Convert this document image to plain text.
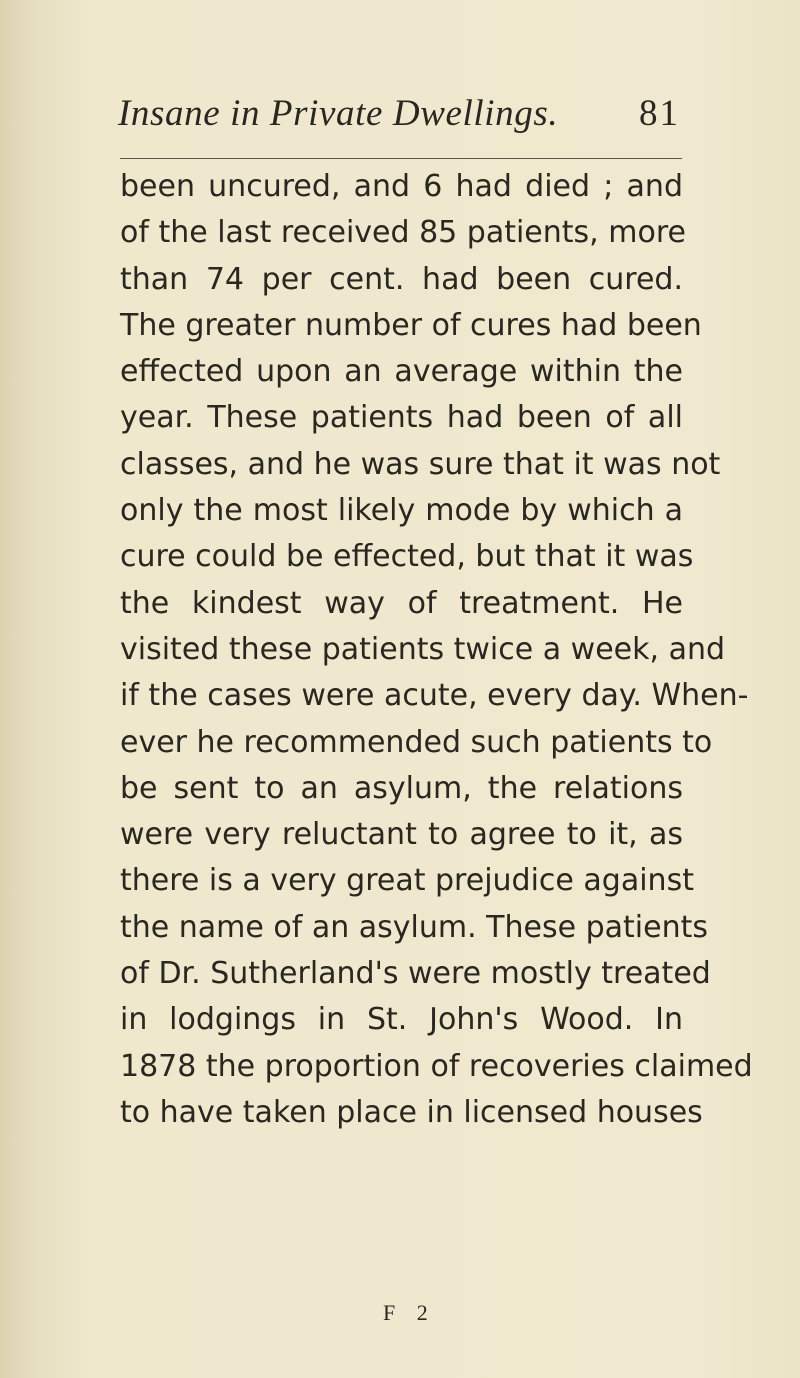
Insane in Private Dwellings. 81
been uncured, and 6 had died ; and
of the last received 85 patients, more
than 74 per cent. had been cured.
The greater number of cures had been
effected upon an average within the
year. These patients had been of all
classes, and he was sure that it was not
only the most likely mode by which a
cure could be effected, but that it was
the kindest way of treatment. He
visited these patients twice a week, and
if the cases were acute, every day. When-
ever he recommended such patients to
be sent to an asylum, the relations
were very reluctant to agree to it, as
there is a very great prejudice against
the name of an asylum. These patients
of Dr. Sutherland's were mostly treated
in lodgings in St. John's Wood. In
1878 the proportion of recoveries claimed
to have taken place in licensed houses
F 2
